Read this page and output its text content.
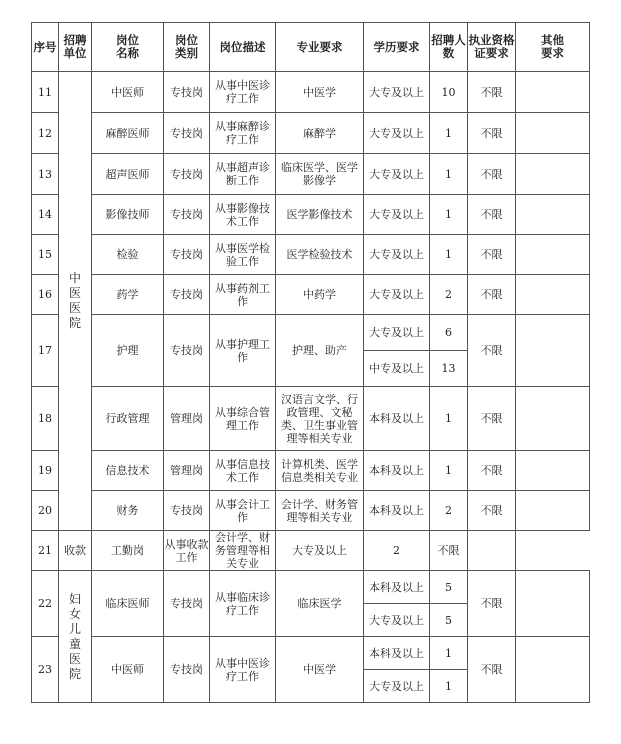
序号	招聘单位	岗位名称	岗位类别	岗位描述	专业要求	学历要求	招聘人数	执业资格证要求	其他要求
11	中医医院	中医师	专技岗	从事中医诊疗工作	中医学	大专及以上	10	不限	
12		麻醉医师	专技岗	从事麻醉诊疗工作	麻醉学	大专及以上	1	不限	
13		超声医师	专技岗	从事超声诊断工作	临床医学、医学影像学	大专及以上	1	不限	
14		影像技师	专技岗	从事影像技术工作	医学影像技术	大专及以上	1	不限	
15		检验	专技岗	从事医学检验工作	医学检验技术	大专及以上	1	不限	
16		药学	专技岗	从事药剂工作	中药学	大专及以上	2	不限	
17		护理	专技岗	从事护理工作	护理、助产	大专及以上	6	不限	
						中专及以上	13		
18		行政管理	管理岗	从事综合管理工作	汉语言文学、行政管理、文秘类、卫生事业管理等相关专业	本科及以上	1	不限	
19		信息技术	管理岗	从事信息技术工作	计算机类、医学信息类相关专业	本科及以上	1	不限	
20		财务	专技岗	从事会计工作	会计学、财务管理等相关专业	本科及以上	2	不限	
21	收款	工勤岗	从事收款工作	会计学、财务管理等相关专业	大专及以上	2	不限		
22	妇女儿童医院	临床医师	专技岗	从事临床诊疗工作	临床医学	本科及以上	5	不限	
						大专及以上	5		
23		中医师	专技岗	从事中医诊疗工作	中医学	本科及以上	1	不限	
						大专及以上	1		
